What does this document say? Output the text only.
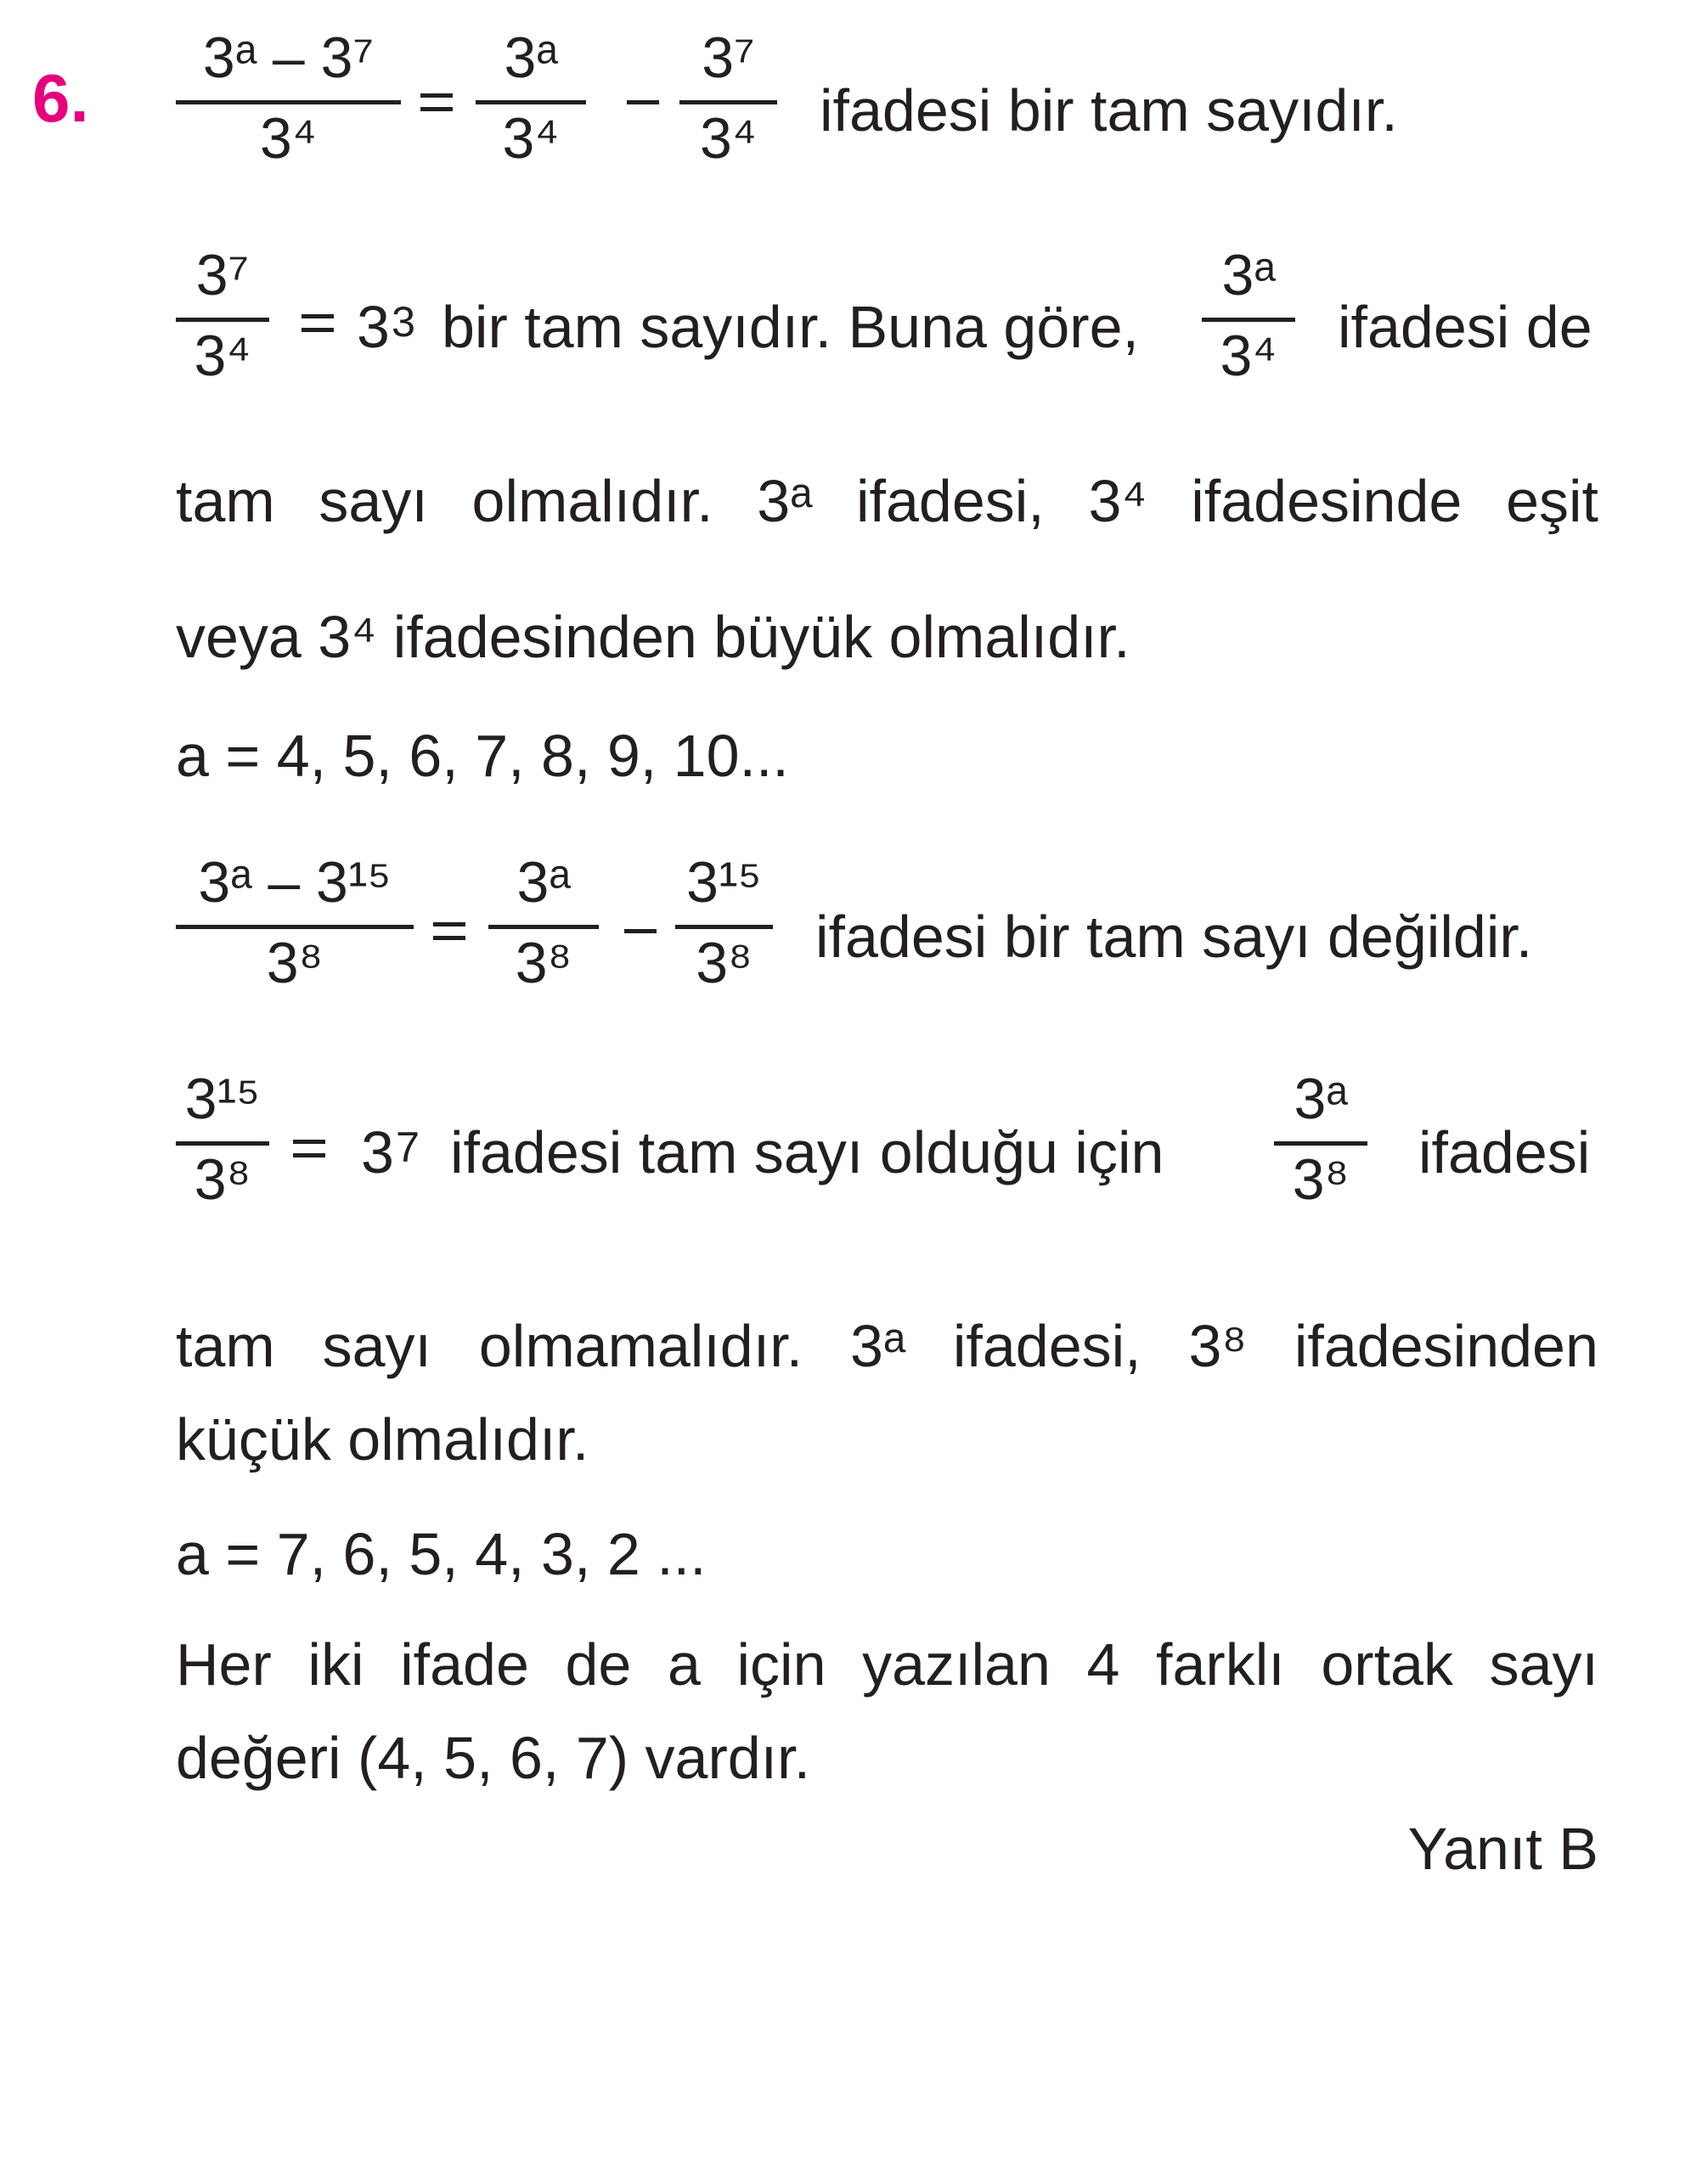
6.
3ᵃ – 3⁷
3⁴
3ᵃ
3⁴
3⁷
3⁴ ifadesi bir tam sayıdır.
3⁷
3⁴ $3^3$ bir tam sayıdır. Buna göre,
3ᵃ
3⁴ ifadesi de
tam sayı olmalıdır. 3ᵃ ifadesi, 3⁴ ifadesinde eşit
veya 3⁴ ifadesinden büyük olmalıdır.
a = 4, 5, 6, 7, 8, 9, 10...
3ᵃ – 3¹⁵
3⁸
3ᵃ
3⁸
3¹⁵
3⁸ ifadesi bir tam sayı değildir.
3¹⁵
3⁸ $3^7$ ifadesi tam sayı olduğu için
3ᵃ
3⁸ ifadesi
tam sayı olmamalıdır. 3ᵃ ifadesi, 3⁸ ifadesinden
küçük olmalıdır.
a = 7, 6, 5, 4, 3, 2 ...
Her iki ifade de a için yazılan 4 farklı ortak sayı
değeri (4, 5, 6, 7) vardır.
Yanıt B
